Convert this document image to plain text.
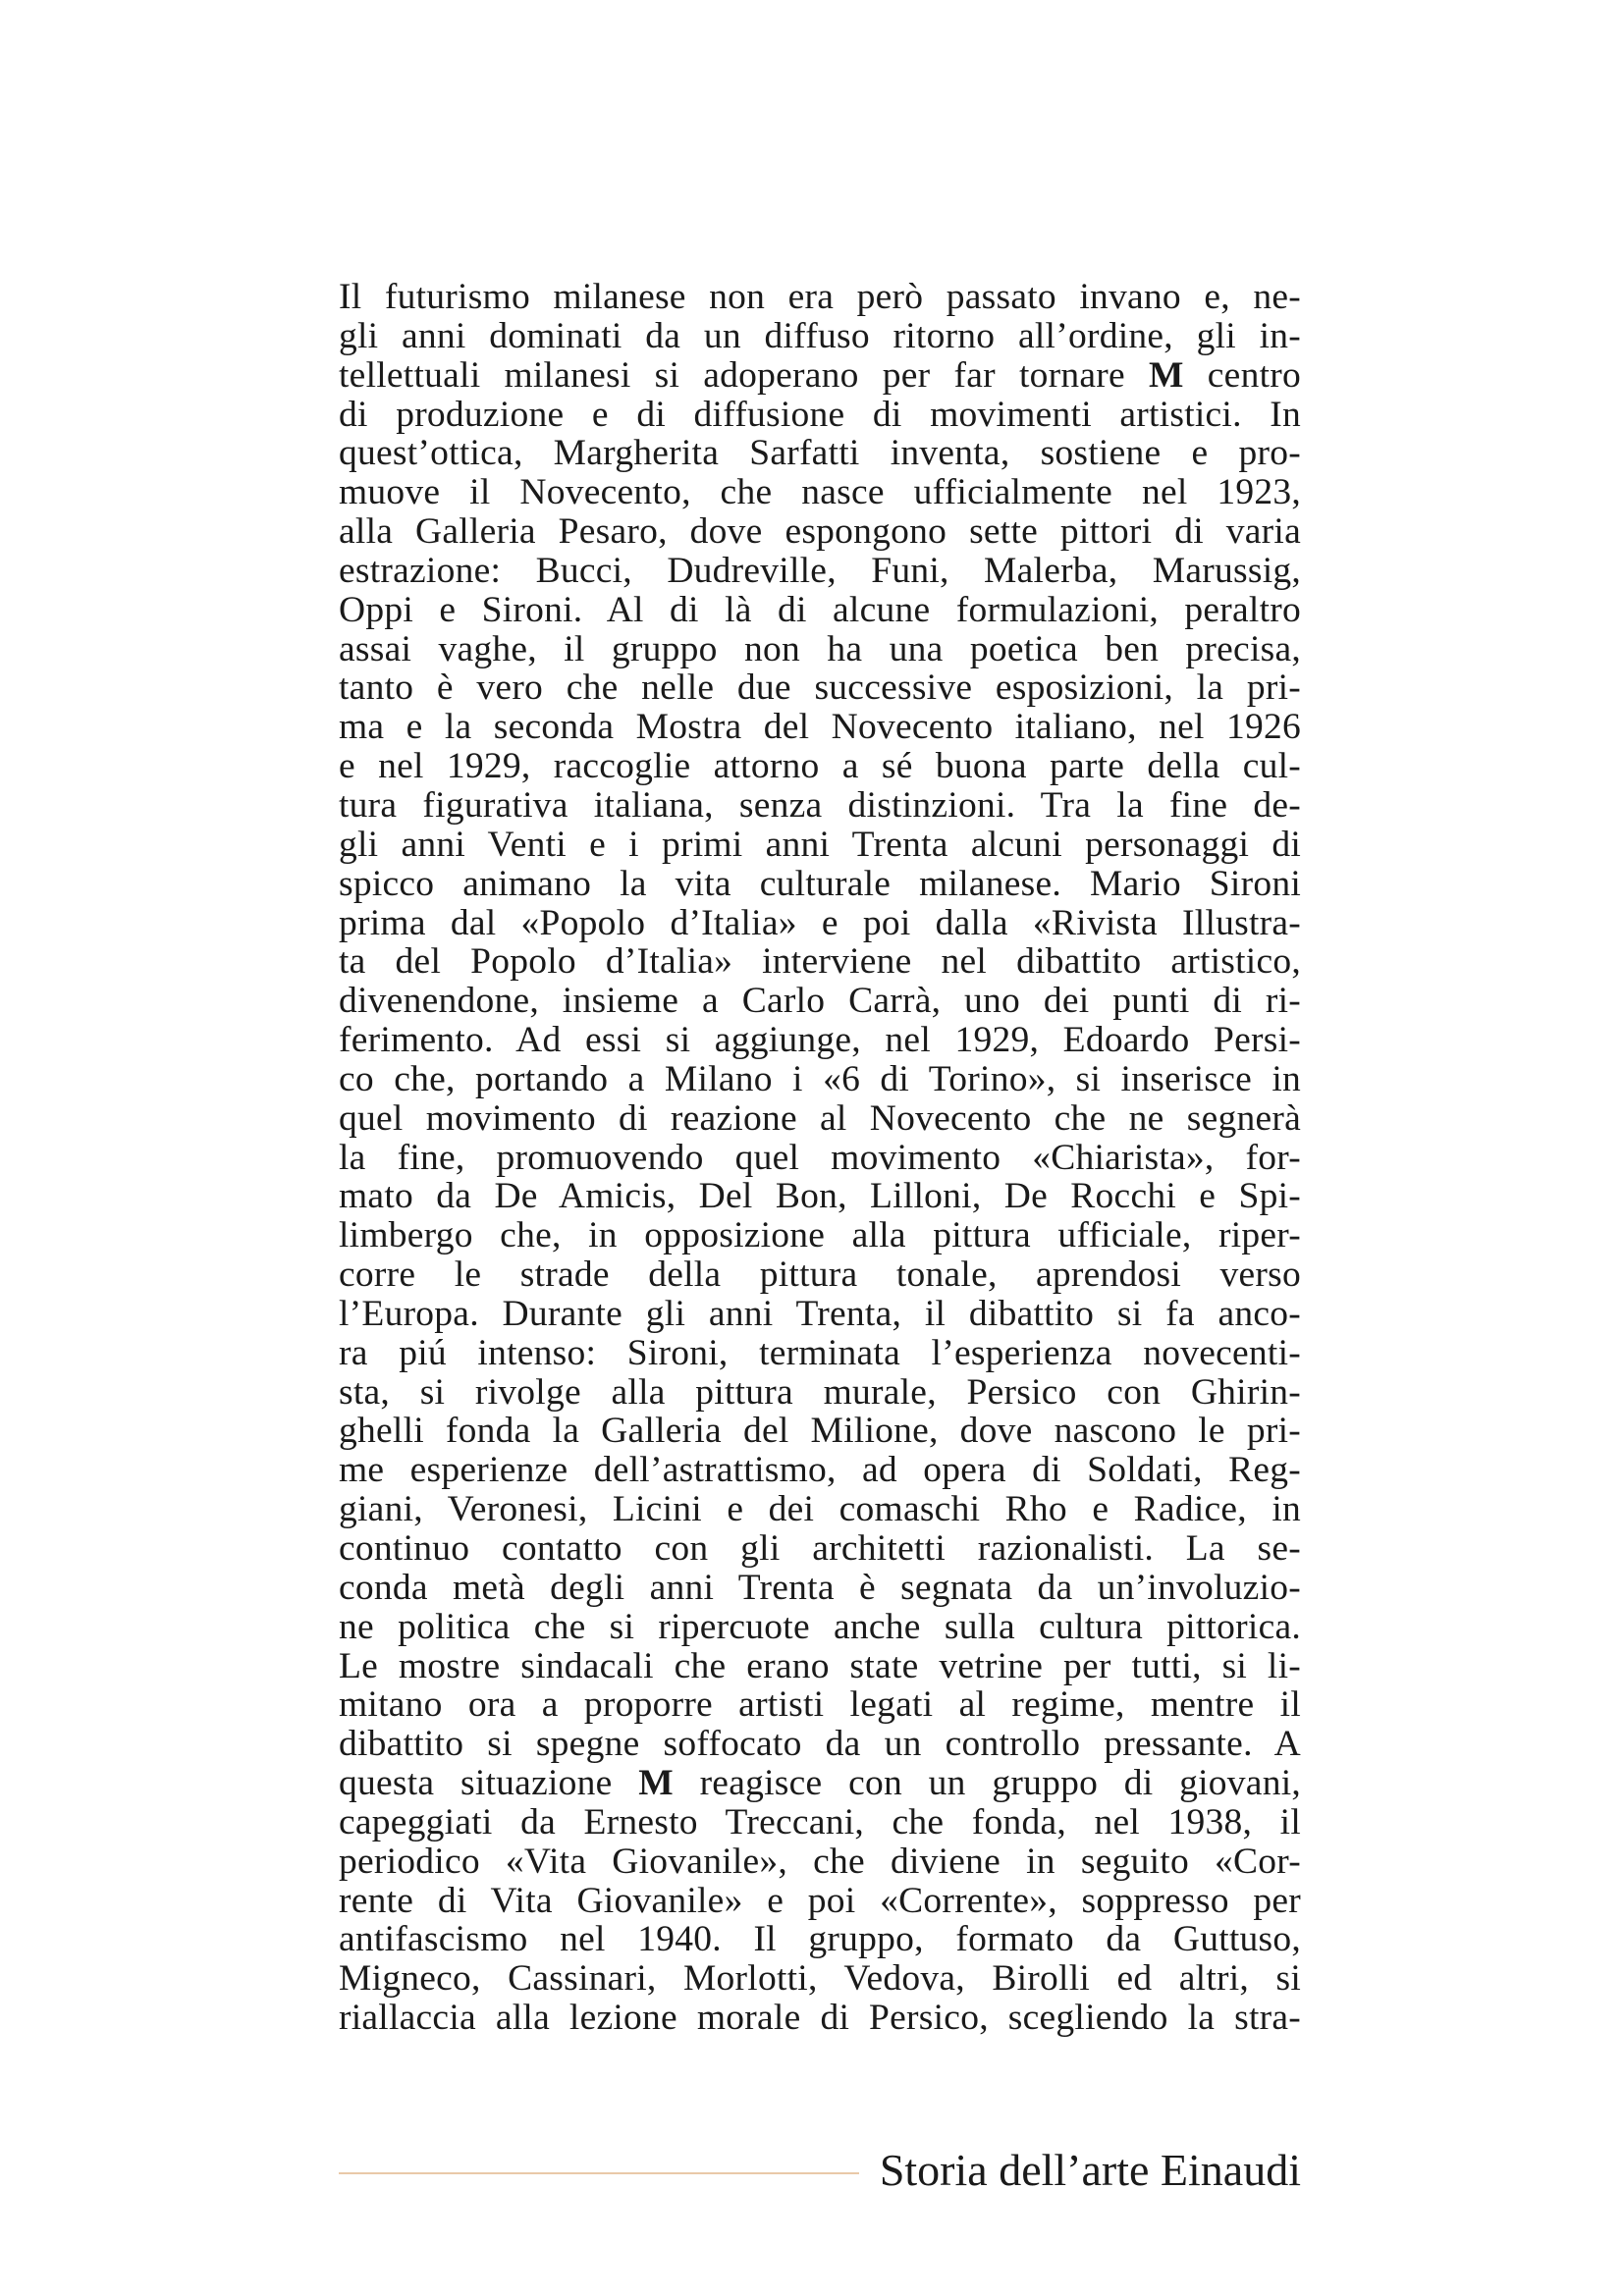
Il futurismo milanese non era però passato invano e, ne-
gli anni dominati da un diffuso ritorno all’ordine, gli in-
tellettuali milanesi si adoperano per far tornare M centro
di produzione e di diffusione di movimenti artistici. In
quest’ottica, Margherita Sarfatti inventa, sostiene e pro-
muove il Novecento, che nasce ufficialmente nel 1923,
alla Galleria Pesaro, dove espongono sette pittori di varia
estrazione: Bucci, Dudreville, Funi, Malerba, Marussig,
Oppi e Sironi. Al di là di alcune formulazioni, peraltro
assai vaghe, il gruppo non ha una poetica ben precisa,
tanto è vero che nelle due successive esposizioni, la pri-
ma e la seconda Mostra del Novecento italiano, nel 1926
e nel 1929, raccoglie attorno a sé buona parte della cul-
tura figurativa italiana, senza distinzioni. Tra la fine de-
gli anni Venti e i primi anni Trenta alcuni personaggi di
spicco animano la vita culturale milanese. Mario Sironi
prima dal «Popolo d’Italia» e poi dalla «Rivista Illustra-
ta del Popolo d’Italia» interviene nel dibattito artistico,
divenendone, insieme a Carlo Carrà, uno dei punti di ri-
ferimento. Ad essi si aggiunge, nel 1929, Edoardo Persi-
co che, portando a Milano i «6 di Torino», si inserisce in
quel movimento di reazione al Novecento che ne segnerà
la fine, promuovendo quel movimento «Chiarista», for-
mato da De Amicis, Del Bon, Lilloni, De Rocchi e Spi-
limbergo che, in opposizione alla pittura ufficiale, riper-
corre le strade della pittura tonale, aprendosi verso
l’Europa. Durante gli anni Trenta, il dibattito si fa anco-
ra piú intenso: Sironi, terminata l’esperienza novecenti-
sta, si rivolge alla pittura murale, Persico con Ghirin-
ghelli fonda la Galleria del Milione, dove nascono le pri-
me esperienze dell’astrattismo, ad opera di Soldati, Reg-
giani, Veronesi, Licini e dei comaschi Rho e Radice, in
continuo contatto con gli architetti razionalisti. La se-
conda metà degli anni Trenta è segnata da un’involuzio-
ne politica che si ripercuote anche sulla cultura pittorica.
Le mostre sindacali che erano state vetrine per tutti, si li-
mitano ora a proporre artisti legati al regime, mentre il
dibattito si spegne soffocato da un controllo pressante. A
questa situazione M reagisce con un gruppo di giovani,
capeggiati da Ernesto Treccani, che fonda, nel 1938, il
periodico «Vita Giovanile», che diviene in seguito «Cor-
rente di Vita Giovanile» e poi «Corrente», soppresso per
antifascismo nel 1940. Il gruppo, formato da Guttuso,
Migneco, Cassinari, Morlotti, Vedova, Birolli ed altri, si
riallaccia alla lezione morale di Persico, scegliendo la stra-
Storia dell’arte Einaudi
